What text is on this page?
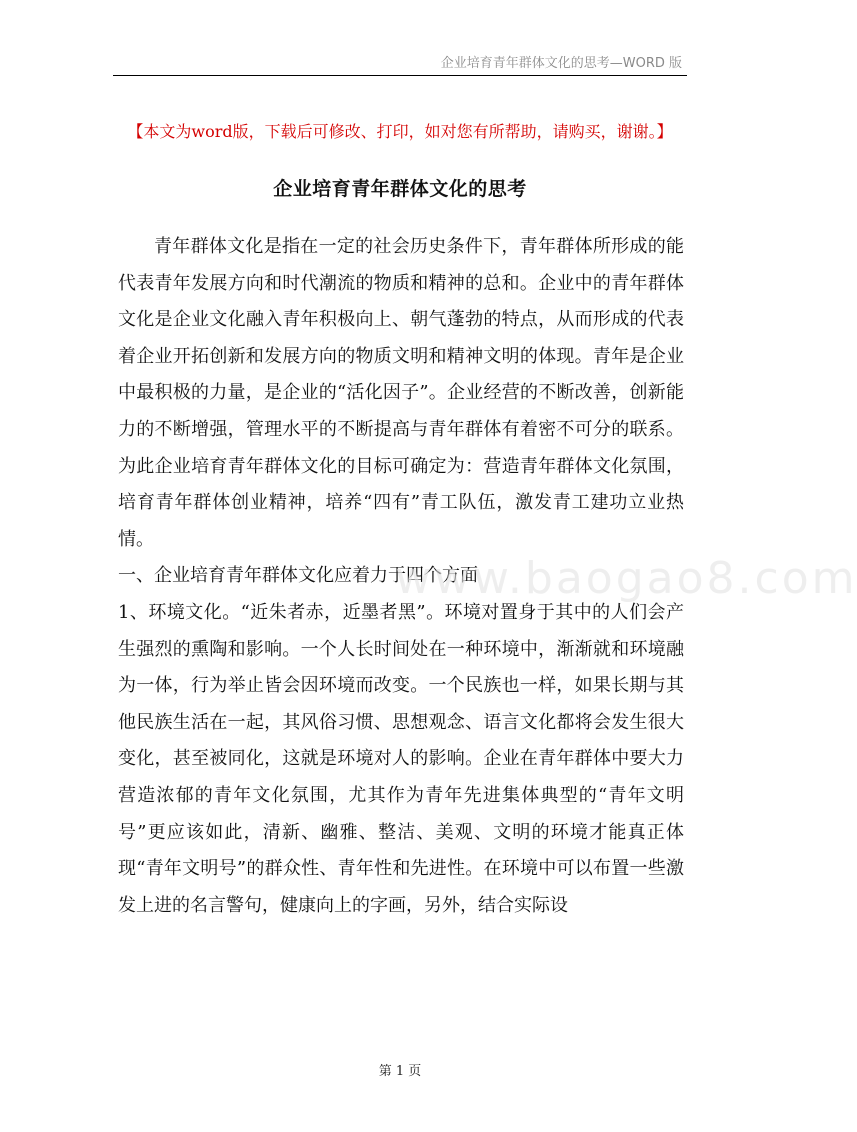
企业培育青年群体文化的思考—WORD 版
【本文为word版，下载后可修改、打印，如对您有所帮助，请购买，谢谢。】
企业培育青年群体文化的思考

青年群体文化是指在一定的社会历史条件下，青年群体所形成的能代表青年发展方向和时代潮流的物质和精神的总和。企业中的青年群体文化是企业文化融入青年积极向上、朝气蓬勃的特点，从而形成的代表着企业开拓创新和发展方向的物质文明和精神文明的体现。青年是企业中最积极的力量，是企业的“活化因子”。企业经营的不断改善，创新能力的不断增强，管理水平的不断提高与青年群体有着密不可分的联系。为此企业培育青年群体文化的目标可确定为：营造青年群体文化氛围，培育青年群体创业精神，培养“四有”青工队伍，激发青工建功立业热情。

一、企业培育青年群体文化应着力于四个方面

1、环境文化。“近朱者赤，近墨者黑”。环境对置身于其中的人们会产生强烈的熏陶和影响。一个人长时间处在一种环境中，渐渐就和环境融为一体，行为举止皆会因环境而改变。一个民族也一样，如果长期与其他民族生活在一起，其风俗习惯、思想观念、语言文化都将会发生很大变化，甚至被同化，这就是环境对人的影响。企业在青年群体中要大力营造浓郁的青年文化氛围，尤其作为青年先进集体典型的“青年文明号”更应该如此，清新、幽雅、整洁、美观、文明的环境才能真正体现“青年文明号”的群众性、青年性和先进性。在环境中可以布置一些激发上进的名言警句，健康向上的字画，另外，结合实际设

www.baogao8.com
第 1 页
